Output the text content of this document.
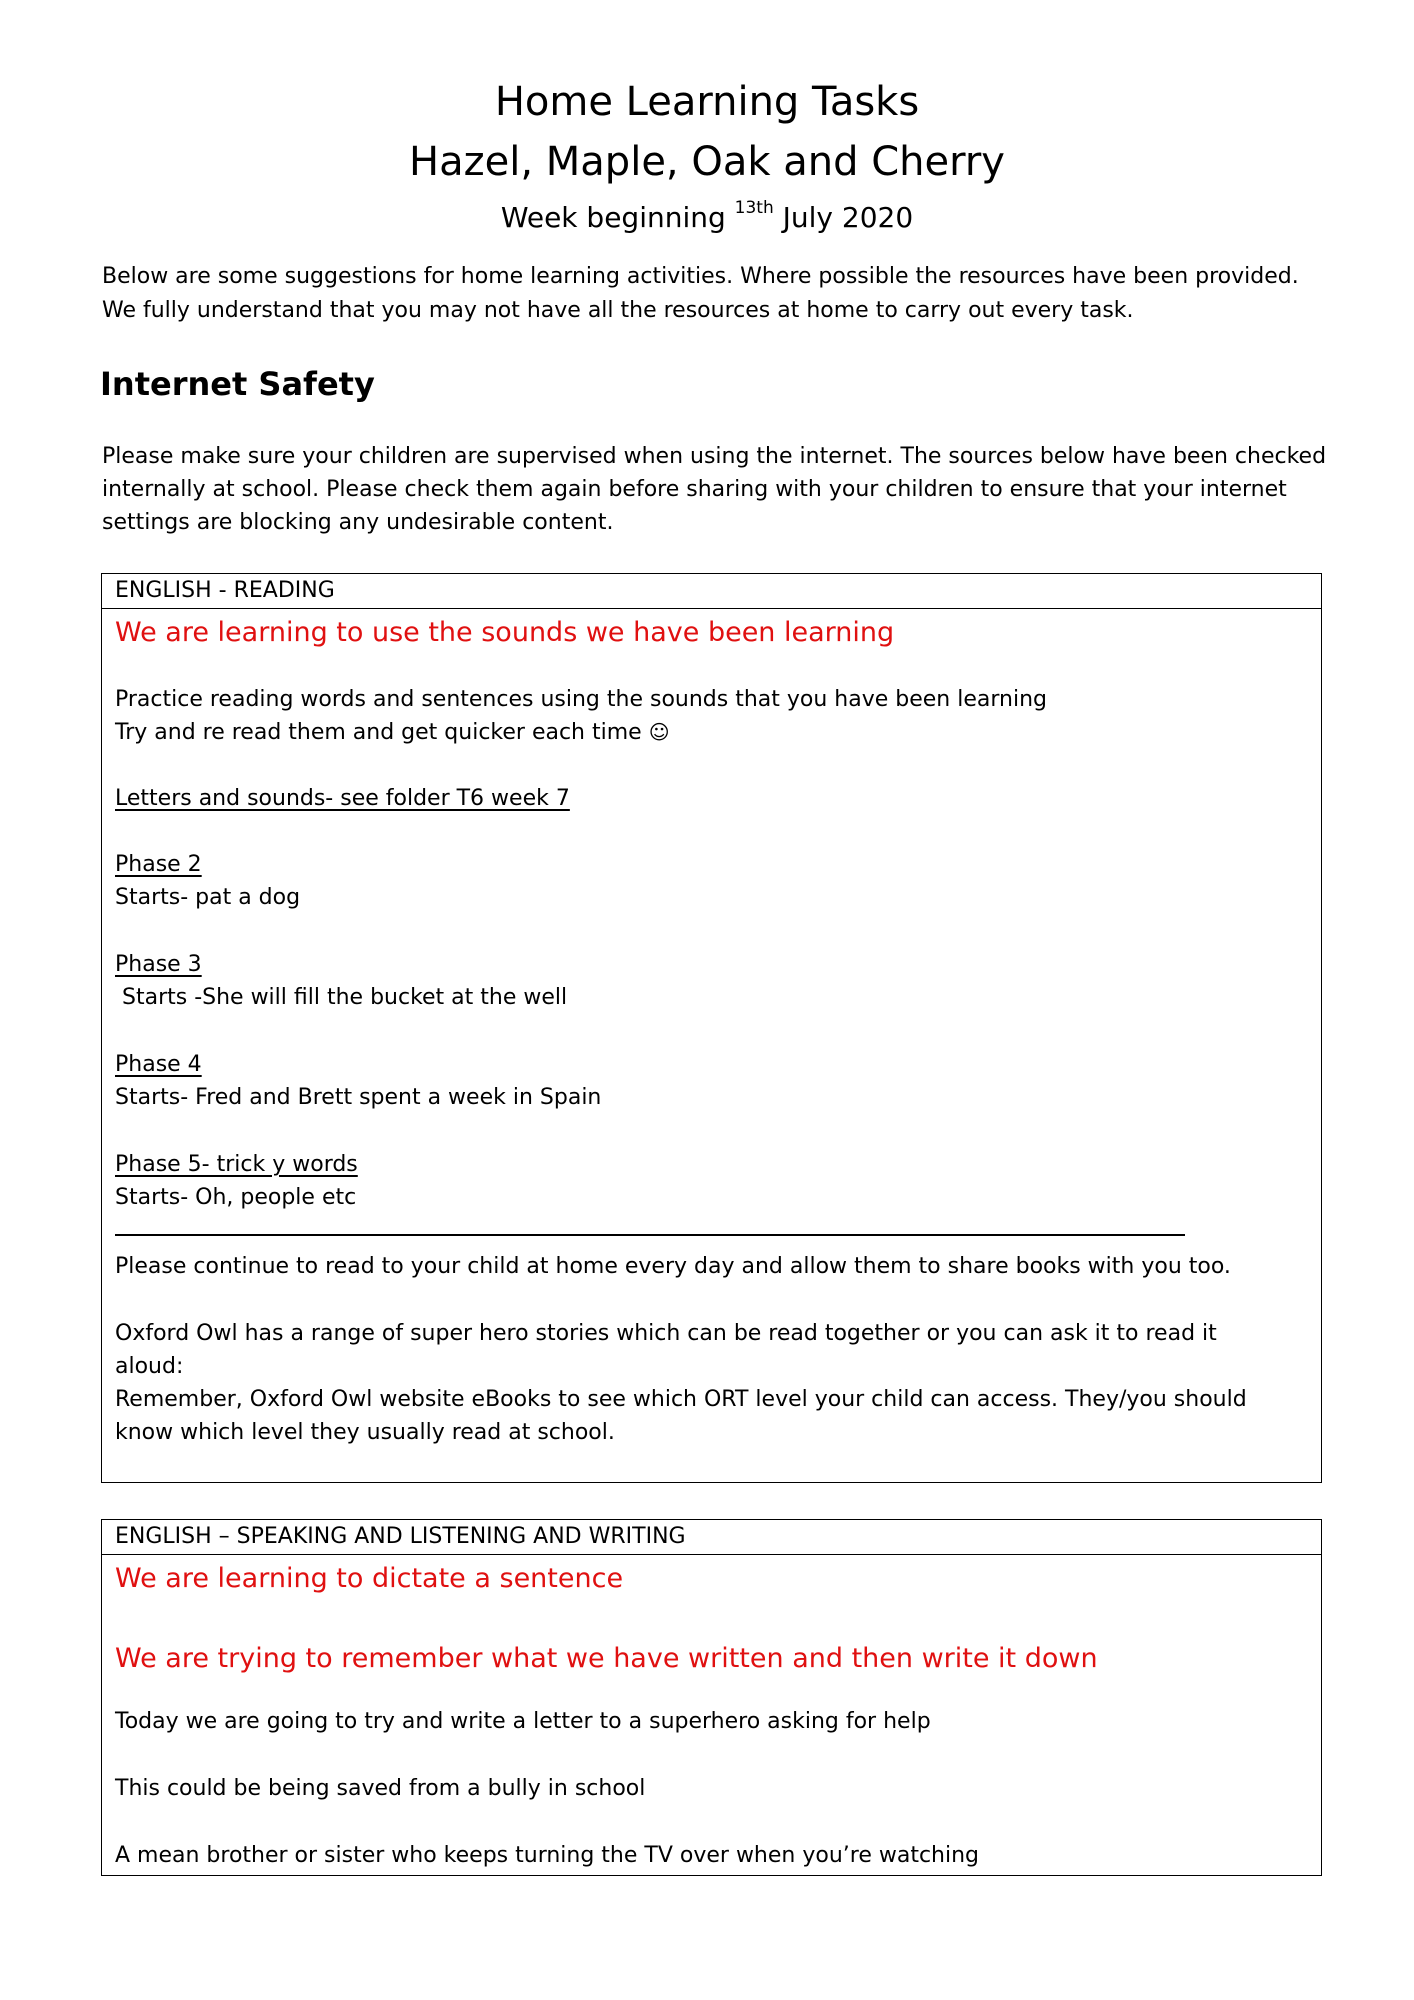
Home Learning Tasks
Hazel, Maple, Oak and Cherry
Week beginning $^{13th}$ July 2020

Below are some suggestions for home learning activities. Where possible the resources have been provided.

We fully understand that you may not have all the resources at home to carry out every task.

Internet Safety

Please make sure your children are supervised when using the internet. The sources below have been checked

internally at school. Please check them again before sharing with your children to ensure that your internet

settings are blocking any undesirable content.

ENGLISH - READING
We are learning to use the sounds we have been learning
Practice reading words and sentences using the sounds that you have been learning
Try and re read them and get quicker each time ☺
Letters and sounds- see folder T6 week 7
Phase 2
Starts- pat a dog
Phase 3
Starts -She will fill the bucket at the well
Phase 4
Starts- Fred and Brett spent a week in Spain
Phase 5- trick y words
Starts- Oh, people etc
Please continue to read to your child at home every day and allow them to share books with you too.
Oxford Owl has a range of super hero stories which can be read together or you can ask it to read it
aloud:
Remember, Oxford Owl website eBooks to see which ORT level your child can access. They/you should
know which level they usually read at school.
ENGLISH – SPEAKING AND LISTENING AND WRITING
We are learning to dictate a sentence
We are trying to remember what we have written and then write it down
Today we are going to try and write a letter to a superhero asking for help
This could be being saved from a bully in school
A mean brother or sister who keeps turning the TV over when you’re watching
